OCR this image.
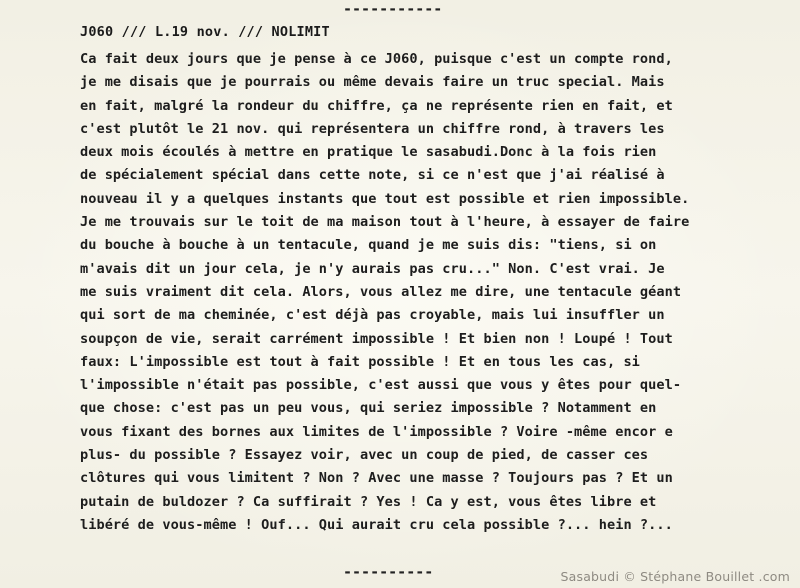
-----------
J060 /// L.19 nov. /// NOLIMIT
Ca fait deux jours que je pense à ce J060, puisque c'est un compte rond,
je me disais que je pourrais ou même devais faire un truc special. Mais
en fait, malgré la rondeur du chiffre, ça ne représente rien en fait, et
c'est plutôt le 21 nov. qui représentera un chiffre rond, à travers les
deux mois écoulés à mettre en pratique le sasabudi.Donc à la fois rien
de spécialement spécial dans cette note, si ce n'est que j'ai réalisé à
nouveau il y a quelques instants que tout est possible et rien impossible.
Je me trouvais sur le toit de ma maison tout à l'heure, à essayer de faire
du bouche à bouche à un tentacule, quand je me suis dis: "tiens, si on
m'avais dit un jour cela, je n'y aurais pas cru..." Non. C'est vrai. Je
me suis vraiment dit cela. Alors, vous allez me dire, une tentacule géant
qui sort de ma cheminée, c'est déjà pas croyable, mais lui insuffler un
soupçon de vie, serait carrément impossible ! Et bien non ! Loupé ! Tout
faux: L'impossible est tout à fait possible ! Et en tous les cas, si
l'impossible n'était pas possible, c'est aussi que vous y êtes pour quel-
que chose: c'est pas un peu vous, qui seriez impossible ? Notamment en
vous fixant des bornes aux limites de l'impossible ? Voire -même encor e
plus- du possible ? Essayez voir, avec un coup de pied, de casser ces
clôtures qui vous limitent ? Non ? Avec une masse ? Toujours pas ? Et un
putain de buldozer ? Ca suffirait ? Yes ! Ca y est, vous êtes libre et
libéré de vous-même ! Ouf... Qui aurait cru cela possible ?... hein ?...
----------	Sasabudi © Stéphane Bouillet .com
